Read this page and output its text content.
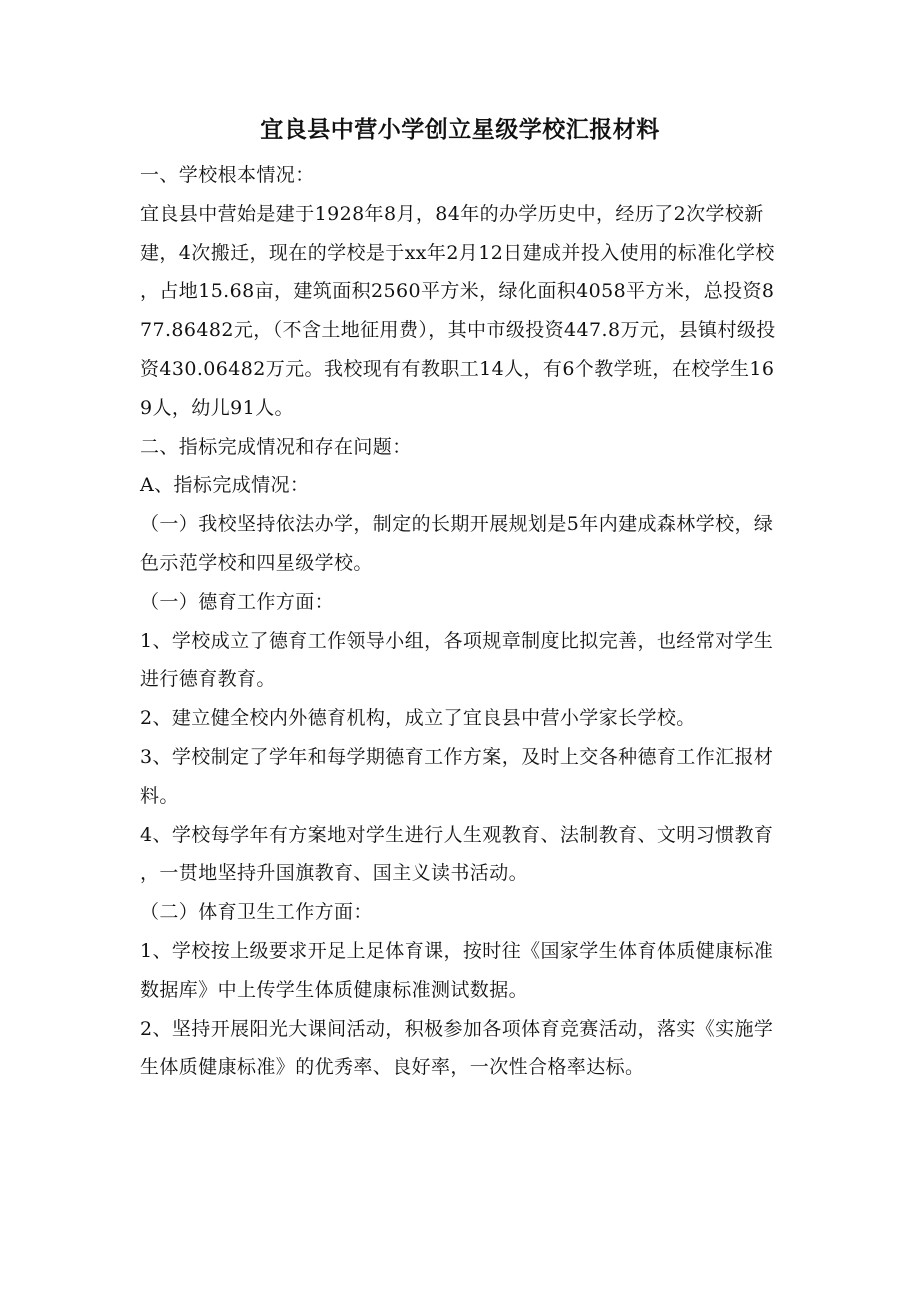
宜良县中营小学创立星级学校汇报材料

一、学校根本情况：

宜良县中营始是建于1928年8月，84年的办学历史中，经历了2次学校新建，4次搬迁，现在的学校是于xx年2月12日建成并投入使用的标准化学校，占地15.68亩，建筑面积2560平方米，绿化面积4058平方米，总投资877.86482元，（不含土地征用费），其中市级投资447.8万元，县镇村级投资430.06482万元。我校现有有教职工14人，有6个教学班，在校学生169人，幼儿91人。

二、指标完成情况和存在问题：

A、指标完成情况：

（一）我校坚持依法办学，制定的长期开展规划是5年内建成森林学校，绿色示范学校和四星级学校。

（一）德育工作方面：

1、学校成立了德育工作领导小组，各项规章制度比拟完善，也经常对学生进行德育教育。

2、建立健全校内外德育机构，成立了宜良县中营小学家长学校。

3、学校制定了学年和每学期德育工作方案，及时上交各种德育工作汇报材料。

4、学校每学年有方案地对学生进行人生观教育、法制教育、文明习惯教育，一贯地坚持升国旗教育、国主义读书活动。

（二）体育卫生工作方面：

1、学校按上级要求开足上足体育课，按时往《国家学生体育体质健康标准数据库》中上传学生体质健康标准测试数据。

2、坚持开展阳光大课间活动，积极参加各项体育竞赛活动，落实《实施学生体质健康标准》的优秀率、良好率，一次性合格率达标。
